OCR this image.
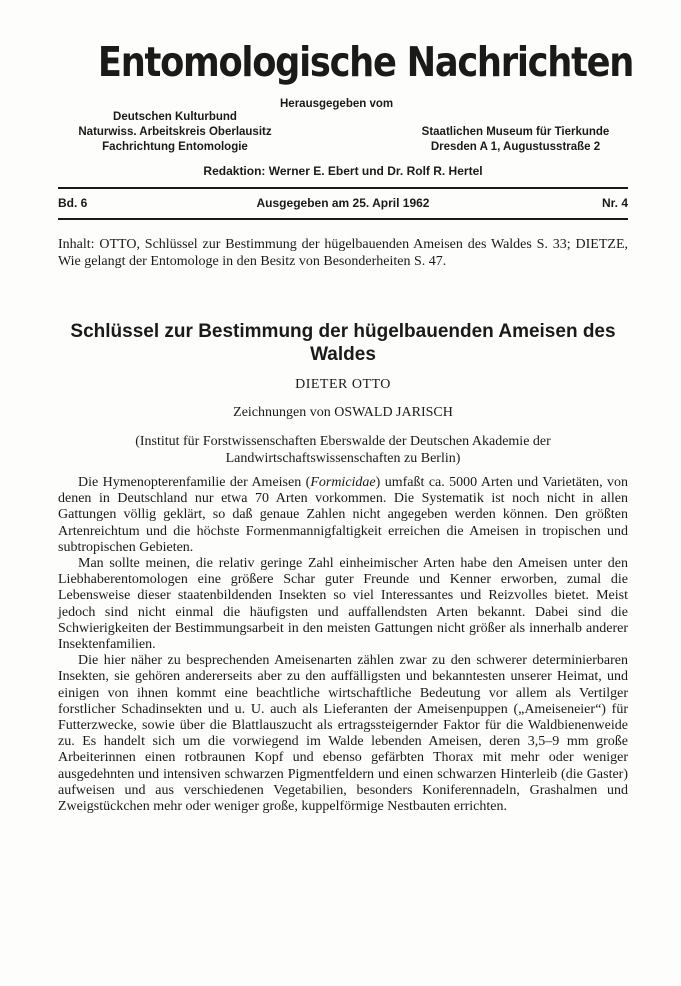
Entomologische Nachrichten
Herausgegeben vom
Deutschen Kulturbund
Naturwiss. Arbeitskreis Oberlausitz
Fachrichtung Entomologie
Staatlichen Museum für Tierkunde
Dresden A 1, Augustusstraße 2
Redaktion: Werner E. Ebert und Dr. Rolf R. Hertel
Bd. 6	Ausgegeben am 25. April 1962	Nr. 4
Inhalt: OTTO, Schlüssel zur Bestimmung der hügelbauenden Ameisen des Waldes S. 33; DIETZE, Wie gelangt der Entomologe in den Besitz von Besonderheiten S. 47.
Schlüssel zur Bestimmung der hügelbauenden Ameisen des Waldes
DIETER OTTO
Zeichnungen von OSWALD JARISCH
(Institut für Forstwissenschaften Eberswalde der Deutschen Akademie der Landwirtschaftswissenschaften zu Berlin)

Die Hymenopterenfamilie der Ameisen (Formicidae) umfaßt ca. 5000 Arten und Varietäten, von denen in Deutschland nur etwa 70 Arten vorkommen. Die Systematik ist noch nicht in allen Gattungen völlig geklärt, so daß genaue Zahlen nicht angegeben werden können. Den größten Artenreichtum und die höchste Formenmannigfaltigkeit erreichen die Ameisen in tropischen und subtropischen Gebieten.

Man sollte meinen, die relativ geringe Zahl einheimischer Arten habe den Ameisen unter den Liebhaberentomologen eine größere Schar guter Freunde und Kenner erworben, zumal die Lebensweise dieser staatenbildenden Insekten so viel Interessantes und Reizvolles bietet. Meist jedoch sind nicht einmal die häufigsten und auffallendsten Arten bekannt. Dabei sind die Schwierigkeiten der Bestimmungsarbeit in den meisten Gattungen nicht größer als innerhalb anderer Insektenfamilien.

Die hier näher zu besprechenden Ameisenarten zählen zwar zu den schwerer determinierbaren Insekten, sie gehören andererseits aber zu den auffälligsten und bekanntesten unserer Heimat, und einigen von ihnen kommt eine beachtliche wirtschaftliche Bedeutung vor allem als Vertilger forstlicher Schadinsekten und u. U. auch als Lieferanten der Ameisenpuppen („Ameiseneier“) für Futterzwecke, sowie über die Blattlauszucht als ertragssteigernder Faktor für die Waldbienenweide zu. Es handelt sich um die vorwiegend im Walde lebenden Ameisen, deren 3,5–9 mm große Arbeiterinnen einen rotbraunen Kopf und ebenso gefärbten Thorax mit mehr oder weniger ausgedehnten und intensiven schwarzen Pigmentfeldern und einen schwarzen Hinterleib (die Gaster) aufweisen und aus verschiedenen Vegetabilien, besonders Koniferennadeln, Grashalmen und Zweigstückchen mehr oder weniger große, kuppelförmige Nestbauten errichten.
